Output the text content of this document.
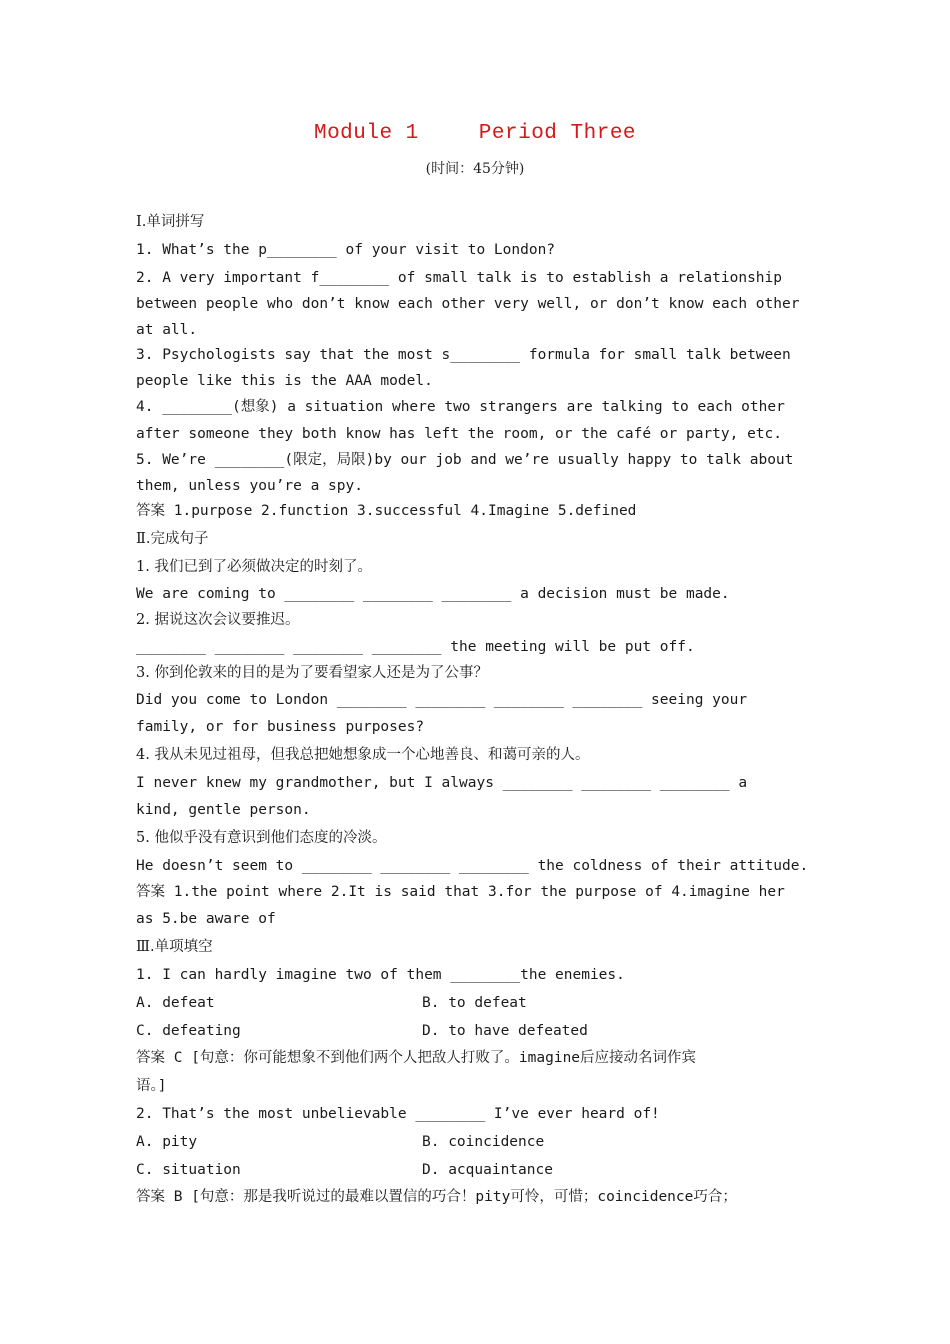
Module 1	Period Three
(时间：45分钟)
Ⅰ.单词拼写
1. What’s the p________ of your visit to London?
2. A very important f________ of small talk is to establish a relationship
between people who don’t know each other very well, or don’t know each other
at all.
3. Psychologists say that the most s________ formula for small talk between
people like this is the AAA model.
4. ________(想象) a situation where two strangers are talking to each other
after someone they both know has left the room, or the café or party, etc.
5. We’re ________(限定，局限)by our job and we’re usually happy to talk about
them, unless you’re a spy.
答案 1.purpose 2.function 3.successful 4.Imagine 5.defined
Ⅱ.完成句子
1. 我们已到了必须做决定的时刻了。
We are coming to ________ ________ ________ a decision must be made.
2. 据说这次会议要推迟。
________ ________ ________ ________ the meeting will be put off.
3. 你到伦敦来的目的是为了要看望家人还是为了公事？
Did you come to London ________ ________ ________ ________ seeing your
family, or for business purposes?
4. 我从未见过祖母，但我总把她想象成一个心地善良、和蔼可亲的人。
I never knew my grandmother, but I always ________ ________ ________ a
kind, gentle person.
5. 他似乎没有意识到他们态度的冷淡。
He doesn’t seem to ________ ________ ________ the coldness of their attitude.
答案 1.the point where 2.It is said that 3.for the purpose of 4.imagine her
as 5.be aware of
Ⅲ.单项填空
1. I can hardly imagine two of them ________the enemies.
A. defeat	B. to defeat
C. defeating	D. to have defeated
答案 C [句意：你可能想象不到他们两个人把敌人打败了。imagine后应接动名词作宾
语。]
2. That’s the most unbelievable ________ I’ve ever heard of!
A. pity	B. coincidence
C. situation	D. acquaintance
答案 B [句意：那是我听说过的最难以置信的巧合！pity可怜，可惜；coincidence巧合；
